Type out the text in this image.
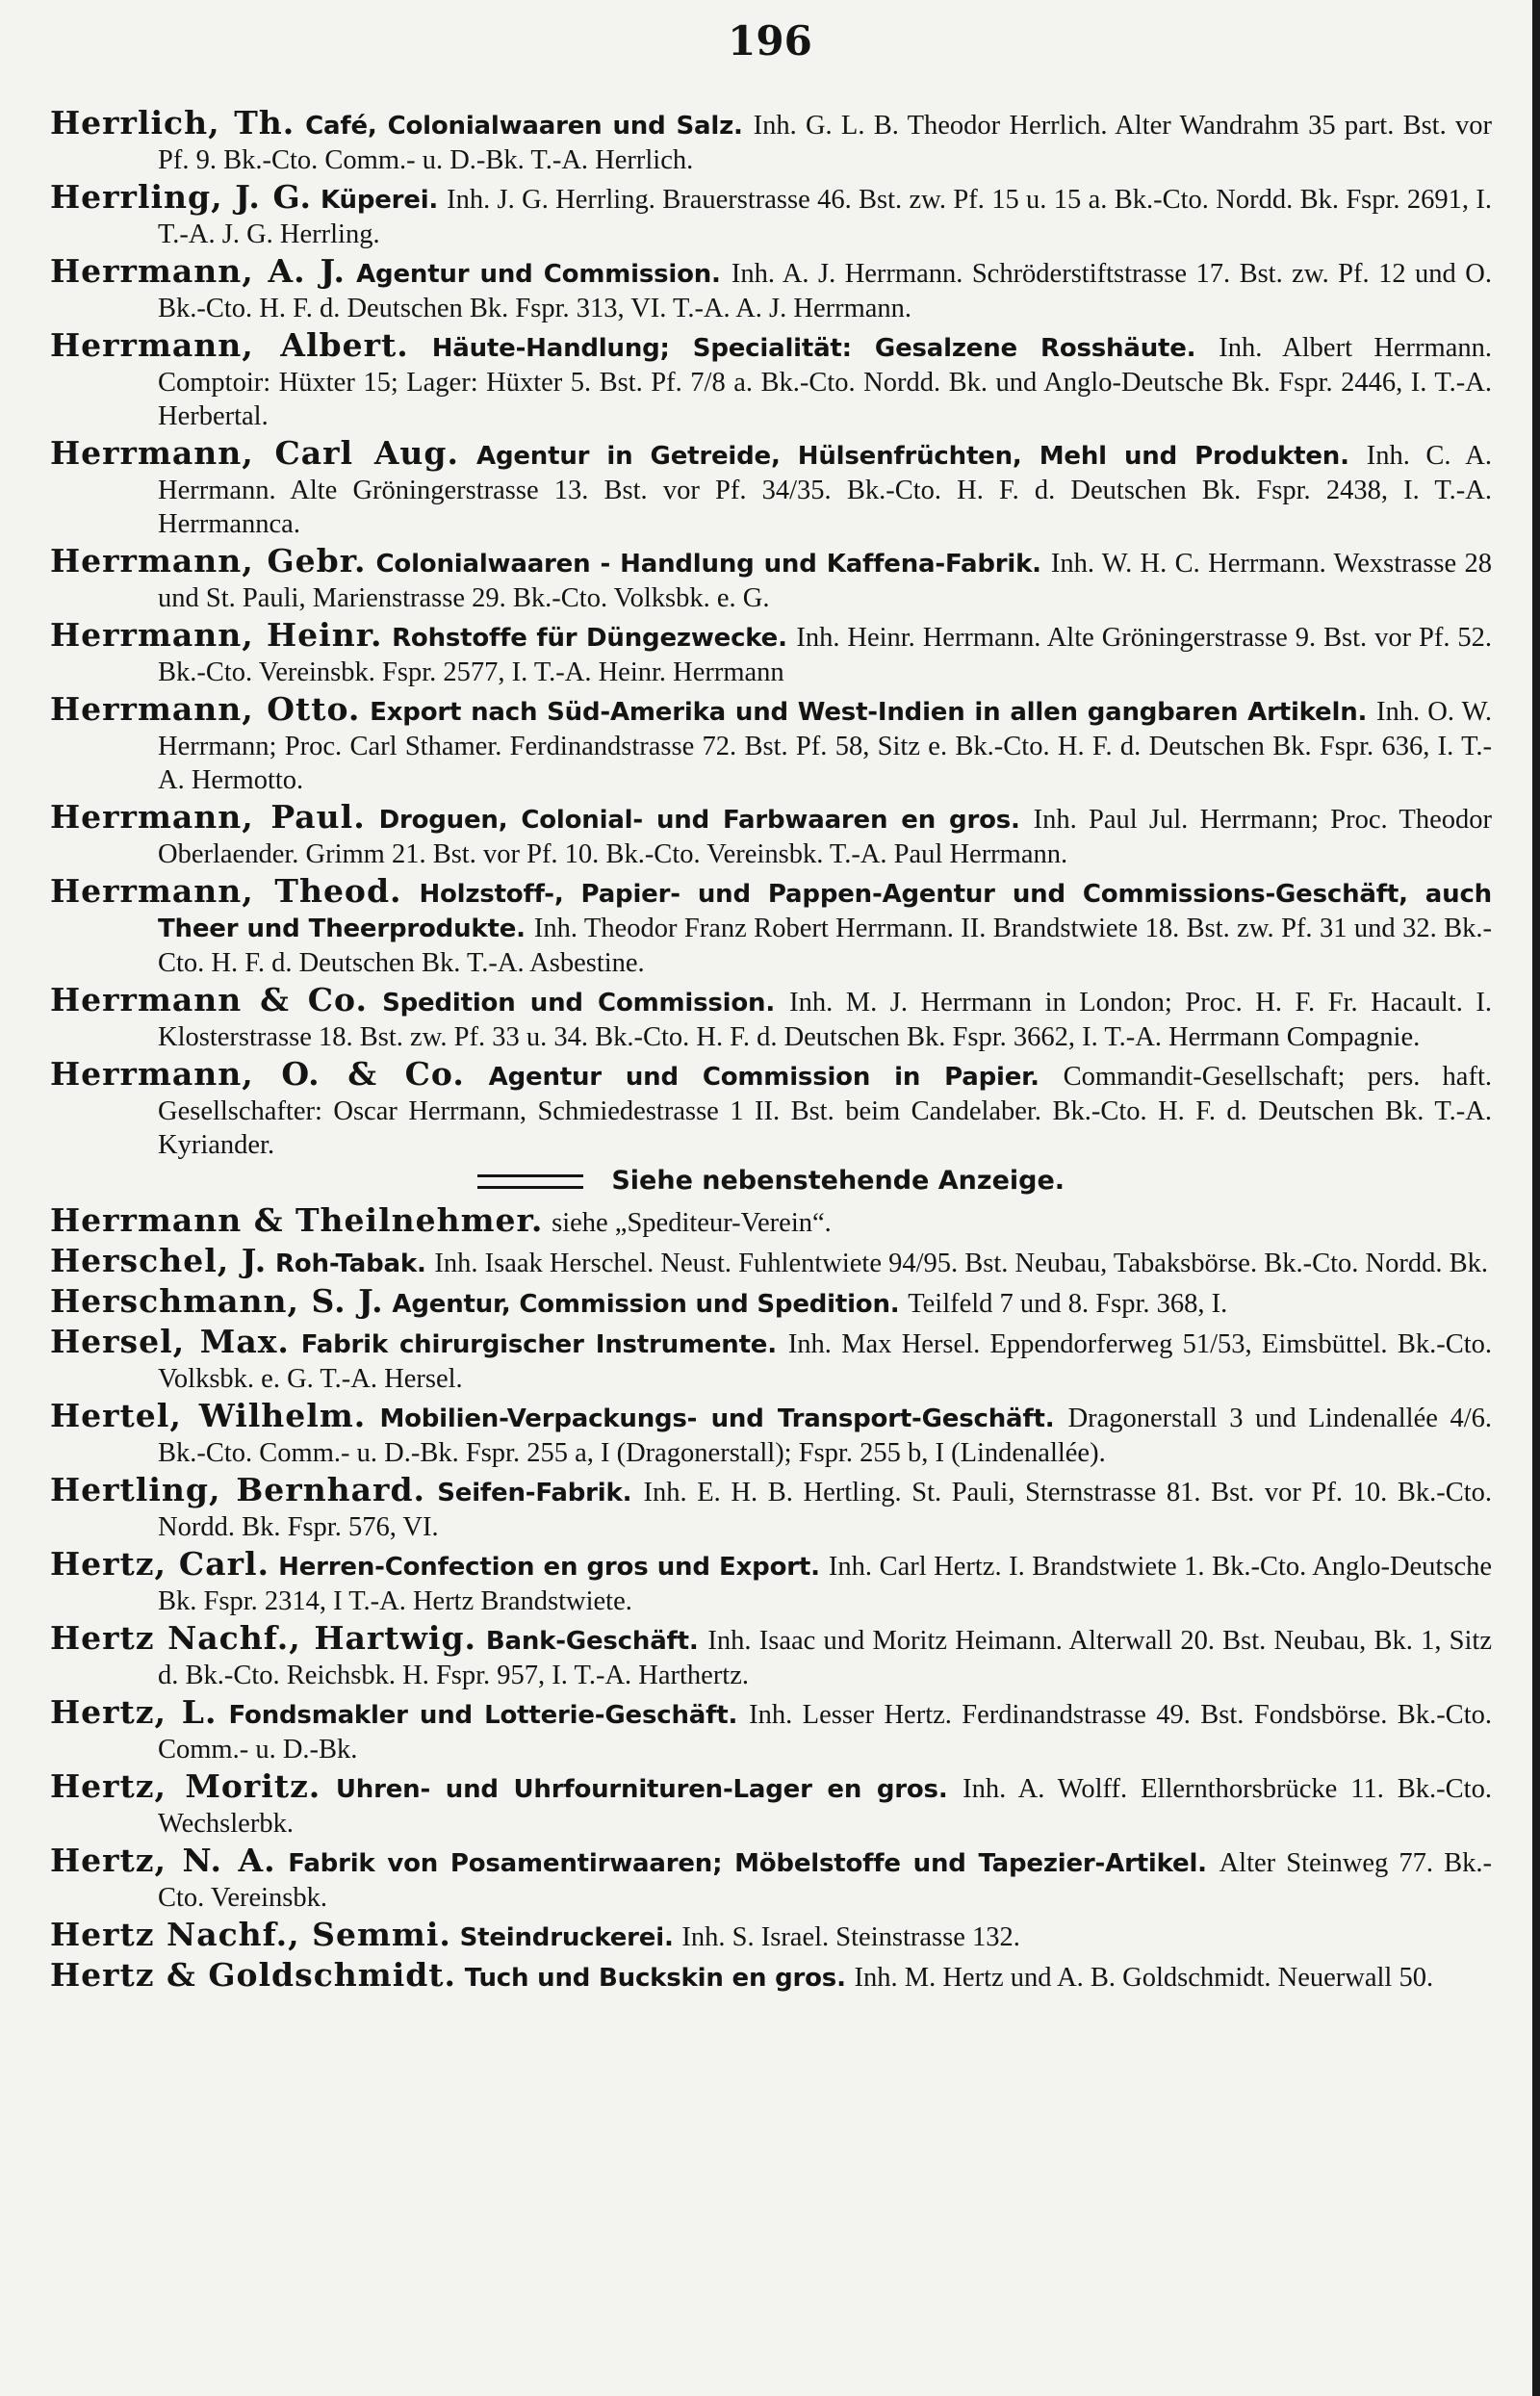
196
Herrlich, Th. Café, Colonialwaaren und Salz. Inh. G. L. B. Theodor Herrlich. Alter Wandrahm 35 part. Bst. vor Pf. 9. Bk.-Cto. Comm.- u. D.-Bk. T.-A. Herrlich.
Herrling, J. G. Küperei. Inh. J. G. Herrling. Brauerstrasse 46. Bst. zw. Pf. 15 u. 15 a. Bk.-Cto. Nordd. Bk. Fspr. 2691, I. T.-A. J. G. Herrling.
Herrmann, A. J. Agentur und Commission. Inh. A. J. Herrmann. Schröderstiftstrasse 17. Bst. zw. Pf. 12 und O. Bk.-Cto. H. F. d. Deutschen Bk. Fspr. 313, VI. T.-A. A. J. Herrmann.
Herrmann, Albert. Häute-Handlung; Specialität: Gesalzene Rosshäute. Inh. Albert Herrmann. Comptoir: Hüxter 15; Lager: Hüxter 5. Bst. Pf. 7/8 a. Bk.-Cto. Nordd. Bk. und Anglo-Deutsche Bk. Fspr. 2446, I. T.-A. Herbertal.
Herrmann, Carl Aug. Agentur in Getreide, Hülsenfrüchten, Mehl und Produkten. Inh. C. A. Herrmann. Alte Gröningerstrasse 13. Bst. vor Pf. 34/35. Bk.-Cto. H. F. d. Deutschen Bk. Fspr. 2438, I. T.-A. Herrmannca.
Herrmann, Gebr. Colonialwaaren - Handlung und Kaffena-Fabrik. Inh. W. H. C. Herrmann. Wexstrasse 28 und St. Pauli, Marienstrasse 29. Bk.-Cto. Volksbk. e. G.
Herrmann, Heinr. Rohstoffe für Düngezwecke. Inh. Heinr. Herrmann. Alte Gröningerstrasse 9. Bst. vor Pf. 52. Bk.-Cto. Vereinsbk. Fspr. 2577, I. T.-A. Heinr. Herrmann
Herrmann, Otto. Export nach Süd-Amerika und West-Indien in allen gangbaren Artikeln. Inh. O. W. Herrmann; Proc. Carl Sthamer. Ferdinandstrasse 72. Bst. Pf. 58, Sitz e. Bk.-Cto. H. F. d. Deutschen Bk. Fspr. 636, I. T.-A. Hermotto.
Herrmann, Paul. Droguen, Colonial- und Farbwaaren en gros. Inh. Paul Jul. Herrmann; Proc. Theodor Oberlaender. Grimm 21. Bst. vor Pf. 10. Bk.-Cto. Vereinsbk. T.-A. Paul Herrmann.
Herrmann, Theod. Holzstoff-, Papier- und Pappen-Agentur und Commissions-Geschäft, auch Theer und Theerprodukte. Inh. Theodor Franz Robert Herrmann. II. Brandstwiete 18. Bst. zw. Pf. 31 und 32. Bk.-Cto. H. F. d. Deutschen Bk. T.-A. Asbestine.
Herrmann & Co. Spedition und Commission. Inh. M. J. Herrmann in London; Proc. H. F. Fr. Hacault. I. Klosterstrasse 18. Bst. zw. Pf. 33 u. 34. Bk.-Cto. H. F. d. Deutschen Bk. Fspr. 3662, I. T.-A. Herrmann Compagnie.
Herrmann, O. & Co. Agentur und Commission in Papier. Commandit-Gesellschaft; pers. haft. Gesellschafter: Oscar Herrmann, Schmiedestrasse 1 II. Bst. beim Candelaber. Bk.-Cto. H. F. d. Deutschen Bk. T.-A. Kyriander.
Siehe nebenstehende Anzeige.
Herrmann & Theilnehmer. siehe „Spediteur-Verein“.
Herschel, J. Roh-Tabak. Inh. Isaak Herschel. Neust. Fuhlentwiete 94/95. Bst. Neubau, Tabaksbörse. Bk.-Cto. Nordd. Bk.
Herschmann, S. J. Agentur, Commission und Spedition. Teilfeld 7 und 8. Fspr. 368, I.
Hersel, Max. Fabrik chirurgischer Instrumente. Inh. Max Hersel. Eppendorferweg 51/53, Eimsbüttel. Bk.-Cto. Volksbk. e. G. T.-A. Hersel.
Hertel, Wilhelm. Mobilien-Verpackungs- und Transport-Geschäft. Dragonerstall 3 und Lindenallée 4/6. Bk.-Cto. Comm.- u. D.-Bk. Fspr. 255 a, I (Dragonerstall); Fspr. 255 b, I (Lindenallée).
Hertling, Bernhard. Seifen-Fabrik. Inh. E. H. B. Hertling. St. Pauli, Sternstrasse 81. Bst. vor Pf. 10. Bk.-Cto. Nordd. Bk. Fspr. 576, VI.
Hertz, Carl. Herren-Confection en gros und Export. Inh. Carl Hertz. I. Brandstwiete 1. Bk.-Cto. Anglo-Deutsche Bk. Fspr. 2314, I T.-A. Hertz Brandstwiete.
Hertz Nachf., Hartwig. Bank-Geschäft. Inh. Isaac und Moritz Heimann. Alterwall 20. Bst. Neubau, Bk. 1, Sitz d. Bk.-Cto. Reichsbk. H. Fspr. 957, I. T.-A. Harthertz.
Hertz, L. Fondsmakler und Lotterie-Geschäft. Inh. Lesser Hertz. Ferdinandstrasse 49. Bst. Fondsbörse. Bk.-Cto. Comm.- u. D.-Bk.
Hertz, Moritz. Uhren- und Uhrfournituren-Lager en gros. Inh. A. Wolff. Ellernthorsbrücke 11. Bk.-Cto. Wechslerbk.
Hertz, N. A. Fabrik von Posamentirwaaren; Möbelstoffe und Tapezier-Artikel. Alter Steinweg 77. Bk.-Cto. Vereinsbk.
Hertz Nachf., Semmi. Steindruckerei. Inh. S. Israel. Steinstrasse 132.
Hertz & Goldschmidt. Tuch und Buckskin en gros. Inh. M. Hertz und A. B. Goldschmidt. Neuerwall 50.
